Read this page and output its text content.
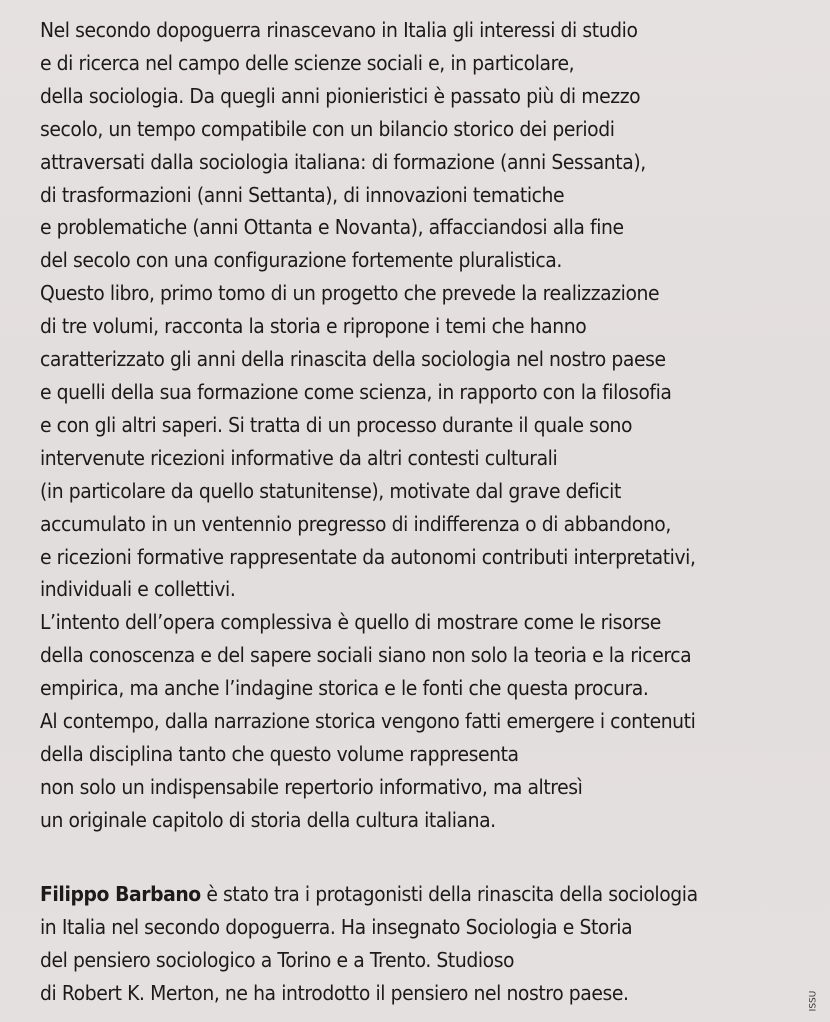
Nel secondo dopoguerra rinascevano in Italia gli interessi di studio
e di ricerca nel campo delle scienze sociali e, in particolare,
della sociologia. Da quegli anni pionieristici è passato più di mezzo
secolo, un tempo compatibile con un bilancio storico dei periodi
attraversati dalla sociologia italiana: di formazione (anni Sessanta),
di trasformazioni (anni Settanta), di innovazioni tematiche
e problematiche (anni Ottanta e Novanta), affacciandosi alla fine
del secolo con una configurazione fortemente pluralistica.
Questo libro, primo tomo di un progetto che prevede la realizzazione
di tre volumi, racconta la storia e ripropone i temi che hanno
caratterizzato gli anni della rinascita della sociologia nel nostro paese
e quelli della sua formazione come scienza, in rapporto con la filosofia
e con gli altri saperi. Si tratta di un processo durante il quale sono
intervenute ricezioni informative da altri contesti culturali
(in particolare da quello statunitense), motivate dal grave deficit
accumulato in un ventennio pregresso di indifferenza o di abbandono,
e ricezioni formative rappresentate da autonomi contributi interpretativi,
individuali e collettivi.
L’intento dell’opera complessiva è quello di mostrare come le risorse
della conoscenza e del sapere sociali siano non solo la teoria e la ricerca
empirica, ma anche l’indagine storica e le fonti che questa procura.
Al contempo, dalla narrazione storica vengono fatti emergere i contenuti
della disciplina tanto che questo volume rappresenta
non solo un indispensabile repertorio informativo, ma altresì
un originale capitolo di storia della cultura italiana.
Filippo Barbano è stato tra i protagonisti della rinascita della sociologia
in Italia nel secondo dopoguerra. Ha insegnato Sociologia e Storia
del pensiero sociologico a Torino e a Trento. Studioso
di Robert K. Merton, ne ha introdotto il pensiero nel nostro paese.	ISSU
